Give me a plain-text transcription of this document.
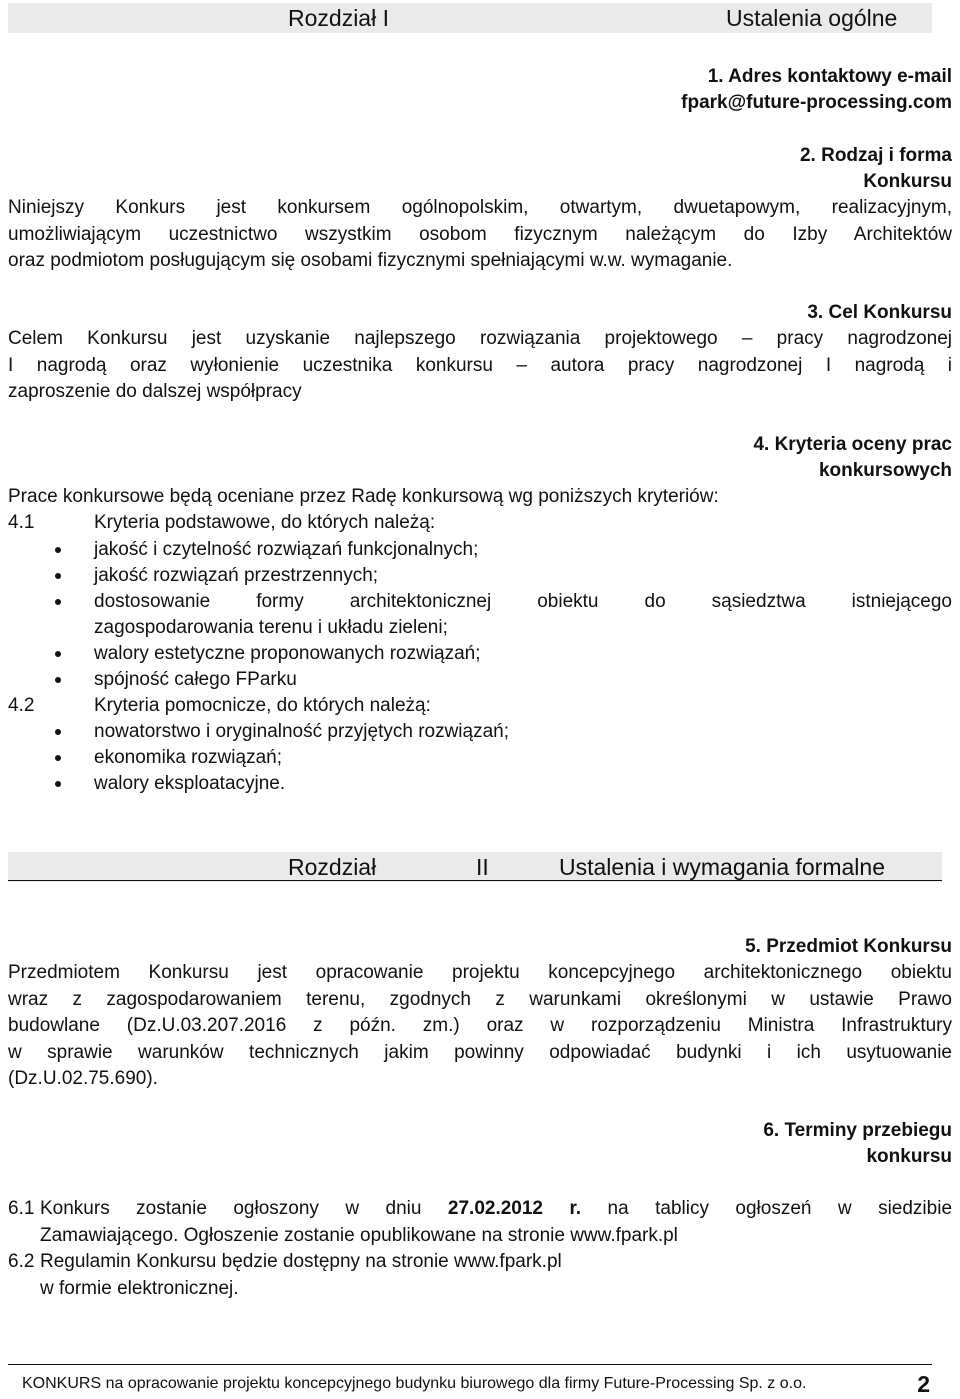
Rozdział I	Ustalenia ogólne
1. Adres kontaktowy e-mail
fpark@future-processing.com
2. Rodzaj i forma
Konkursu
Niniejszy Konkurs jest konkursem ogólnopolskim, otwartym, dwuetapowym, realizacyjnym,
umożliwiającym uczestnictwo wszystkim osobom fizycznym należącym do Izby Architektów
oraz podmiotom posługującym się osobami fizycznymi spełniającymi w.w. wymaganie.
3. Cel Konkursu
Celem Konkursu jest uzyskanie najlepszego rozwiązania projektowego – pracy nagrodzonej
I nagrodą oraz wyłonienie uczestnika konkursu – autora pracy nagrodzonej I nagrodą i
zaproszenie do dalszej współpracy
4. Kryteria oceny prac
konkursowych
Prace konkursowe będą oceniane przez Radę konkursową wg poniższych kryteriów:
4.1	Kryteria podstawowe, do których należą:
jakość i czytelność rozwiązań funkcjonalnych;
jakość rozwiązań przestrzennych;
dostosowanie formy architektonicznej obiektu do sąsiedztwa istniejącego
zagospodarowania terenu i układu zieleni;
walory estetyczne proponowanych rozwiązań;
spójność całego FParku
4.2	Kryteria pomocnicze, do których należą:
nowatorstwo i oryginalność przyjętych rozwiązań;
ekonomika rozwiązań;
walory eksploatacyjne.
Rozdział	II	Ustalenia i wymagania formalne
5. Przedmiot Konkursu
Przedmiotem Konkursu jest opracowanie projektu koncepcyjnego architektonicznego obiektu
wraz z zagospodarowaniem terenu, zgodnych z warunkami określonymi w ustawie Prawo
budowlane (Dz.U.03.207.2016 z późn. zm.) oraz w rozporządzeniu Ministra Infrastruktury
w sprawie warunków technicznych jakim powinny odpowiadać budynki i ich usytuowanie
(Dz.U.02.75.690).
6. Terminy przebiegu
konkursu
6.1 Konkurs zostanie ogłoszony w dniu 27.02.2012 r. na tablicy ogłoszeń w siedzibie
Zamawiającego. Ogłoszenie zostanie opublikowane na stronie www.fpark.pl
6.2 Regulamin Konkursu będzie dostępny na stronie www.fpark.pl
w formie elektronicznej.
KONKURS na opracowanie projektu koncepcyjnego budynku biurowego dla firmy Future-Processing Sp. z o.o.	2
